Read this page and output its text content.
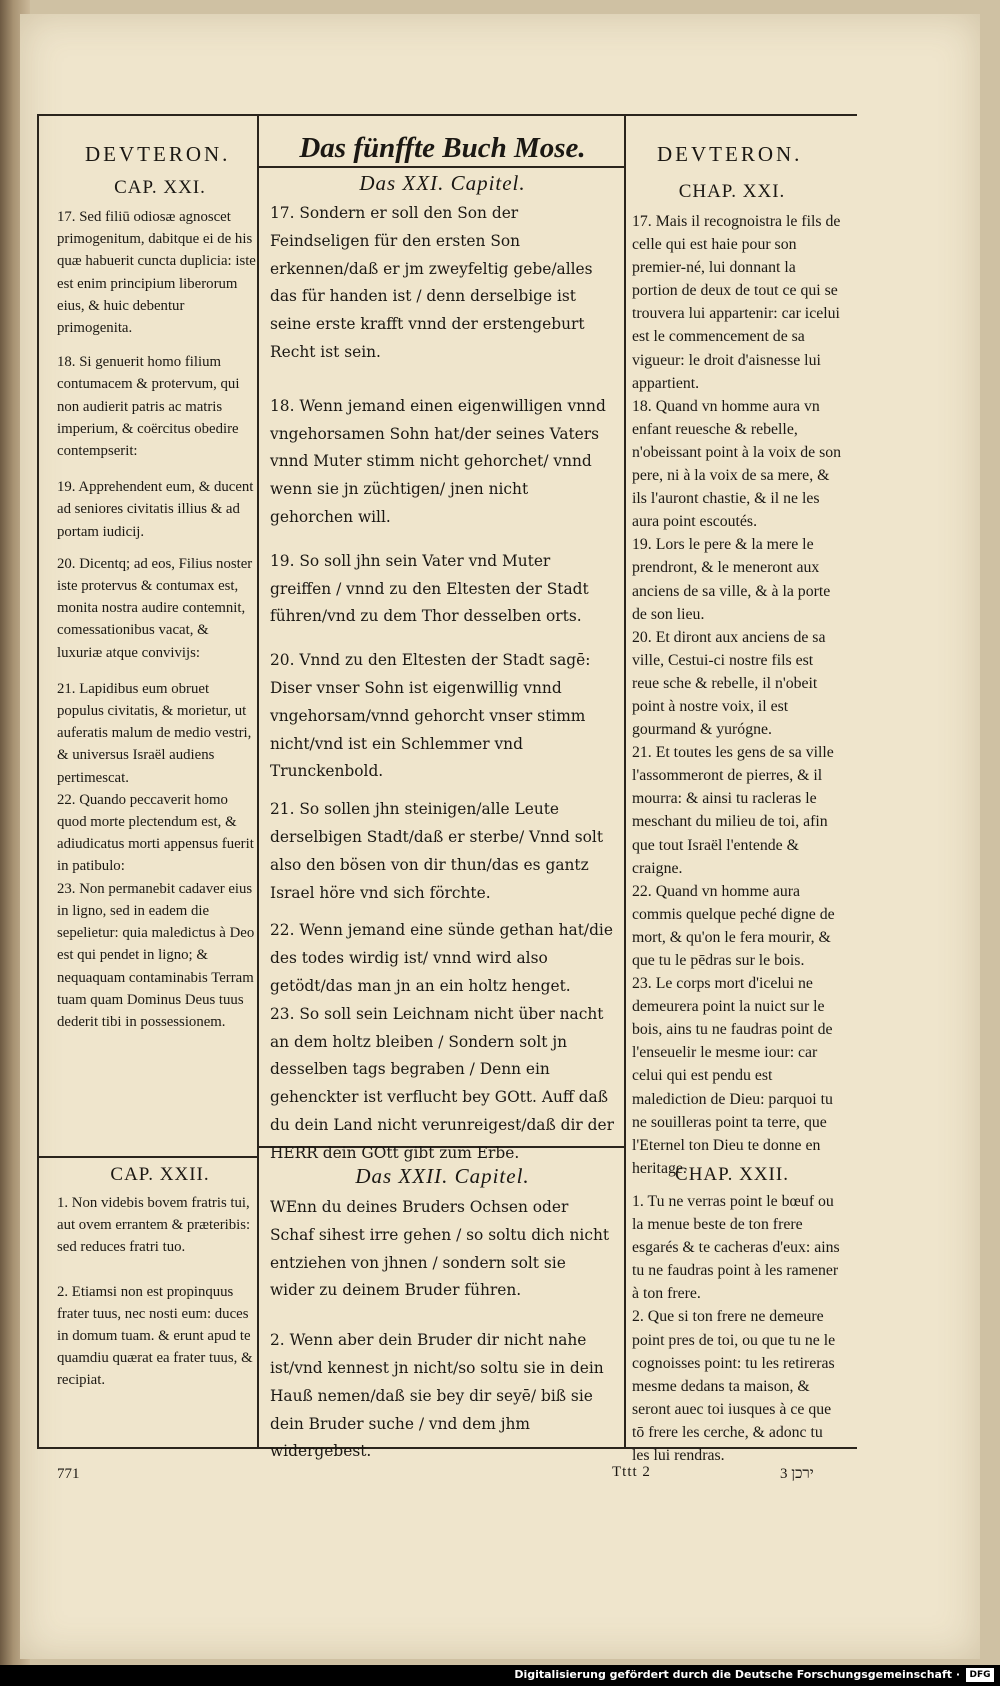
DEVTERON.	Das fünffte Buch Mose.	DEVTERON.
CAP. XXI.	Das XXI. Capitel.	CHAP. XXI.

17. Sed filiū odiosæ agnoscet primogenitum, dabitque ei de his quæ habuerit cuncta duplicia: iste est enim principium liberorum eius, & huic debentur primogenita.

18. Si genuerit homo filium contumacem & protervum, qui non audierit patris ac matris imperium, & coërcitus obedire contempserit:

19. Apprehendent eum, & ducent ad seniores civitatis illius & ad portam iudicij.

20. Dicentq; ad eos, Filius noster iste protervus & contumax est, monita nostra audire contemnit, comessationibus vacat, & luxuriæ atque convivijs:

21. Lapidibus eum obruet populus civitatis, & morietur, ut auferatis malum de medio vestri, & universus Israël audiens pertimescat.

22. Quando peccaverit homo quod morte plectendum est, & adiudicatus morti appensus fuerit in patibulo:

23. Non permanebit cadaver eius in ligno, sed in eadem die sepelietur: quia maledictus à Deo est qui pendet in ligno; & nequaquam contaminabis Terram tuam quam Dominus Deus tuus dederit tibi in possessionem.

17. Sondern er soll den Son der Feindseligen für den ersten Son erkennen/daß er jm zweyfeltig gebe/alles das für handen ist / denn derselbige ist seine erste krafft vnnd der erstengeburt Recht ist sein.

18. Wenn jemand einen eigenwilligen vnnd vngehorsamen Sohn hat/der seines Vaters vnnd Muter stimm nicht gehorchet/ vnnd wenn sie jn züchtigen/ jnen nicht gehorchen will.

19. So soll jhn sein Vater vnd Muter greiffen / vnnd zu den Eltesten der Stadt führen/vnd zu dem Thor desselben orts.

20. Vnnd zu den Eltesten der Stadt sagē: Diser vnser Sohn ist eigenwillig vnnd vngehorsam/vnnd gehorcht vnser stimm nicht/vnd ist ein Schlemmer vnd Trunckenbold.

21. So sollen jhn steinigen/alle Leute derselbigen Stadt/daß er sterbe/ Vnnd solt also den bösen von dir thun/das es gantz Israel höre vnd sich förchte.

22. Wenn jemand eine sünde gethan hat/die des todes wirdig ist/ vnnd wird also getödt/das man jn an ein holtz henget.

23. So soll sein Leichnam nicht über nacht an dem holtz bleiben / Sondern solt jn desselben tags begraben / Denn ein gehenckter ist verflucht bey GOtt. Auff daß du dein Land nicht verunreigest/daß dir der HERR dein GOtt gibt zum Erbe.

17. Mais il recognoistra le fils de celle qui est haie pour son premier-né, lui donnant la portion de deux de tout ce qui se trouvera lui appartenir: car icelui est le commencement de sa vigueur: le droit d'aisnesse lui appartient.

18. Quand vn homme aura vn enfant reuesche & rebelle, n'obeissant point à la voix de son pere, ni à la voix de sa mere, & ils l'auront chastie, & il ne les aura point escoutés.

19. Lors le pere & la mere le prendront, & le meneront aux anciens de sa ville, & à la porte de son lieu.

20. Et diront aux anciens de sa ville, Cestui-ci nostre fils est reue sche & rebelle, il n'obeit point à nostre voix, il est gourmand & yurógne.

21. Et toutes les gens de sa ville l'assommeront de pierres, & il mourra: & ainsi tu racleras le meschant du milieu de toi, afin que tout Israël l'entende & craigne.

22. Quand vn homme aura commis quelque peché digne de mort, & qu'on le fera mourir, & que tu le pēdras sur le bois.

23. Le corps mort d'icelui ne demeurera point la nuict sur le bois, ains tu ne faudras point de l'enseuelir le mesme iour: car celui qui est pendu est malediction de Dieu: parquoi tu ne souilleras point ta terre, que l'Eternel ton Dieu te donne en heritage.

CAP. XXII.	Das XXII. Capitel.	CHAP. XXII.

1. Non videbis bovem fratris tui, aut ovem errantem & præteribis: sed reduces fratri tuo.

2. Etiamsi non est propinquus frater tuus, nec nosti eum: duces in domum tuam. & erunt apud te quamdiu quærat ea frater tuus, & recipiat.

WEnn du deines Bruders Ochsen oder Schaf sihest irre gehen / so soltu dich nicht entziehen von jhnen / sondern solt sie wider zu deinem Bruder führen.

2. Wenn aber dein Bruder dir nicht nahe ist/vnd kennest jn nicht/so soltu sie in dein Hauß nemen/daß sie bey dir seyē/ biß sie dein Bruder suche / vnd dem jhm widergebest.

1. Tu ne verras point le bœuf ou la menue beste de ton frere esgarés & te cacheras d'eux: ains tu ne faudras point à les ramener à ton frere.

2. Que si ton frere ne demeure point pres de toi, ou que tu ne le cognoisses point: tu les retireras mesme dedans ta maison, & seront auec toi iusques à ce que tō frere les cerche, & adonc tu les lui rendras.

771	Tttt 2	3 ירכן
Digitalisierung gefördert durch die Deutsche Forschungsgemeinschaft ·	DFG
